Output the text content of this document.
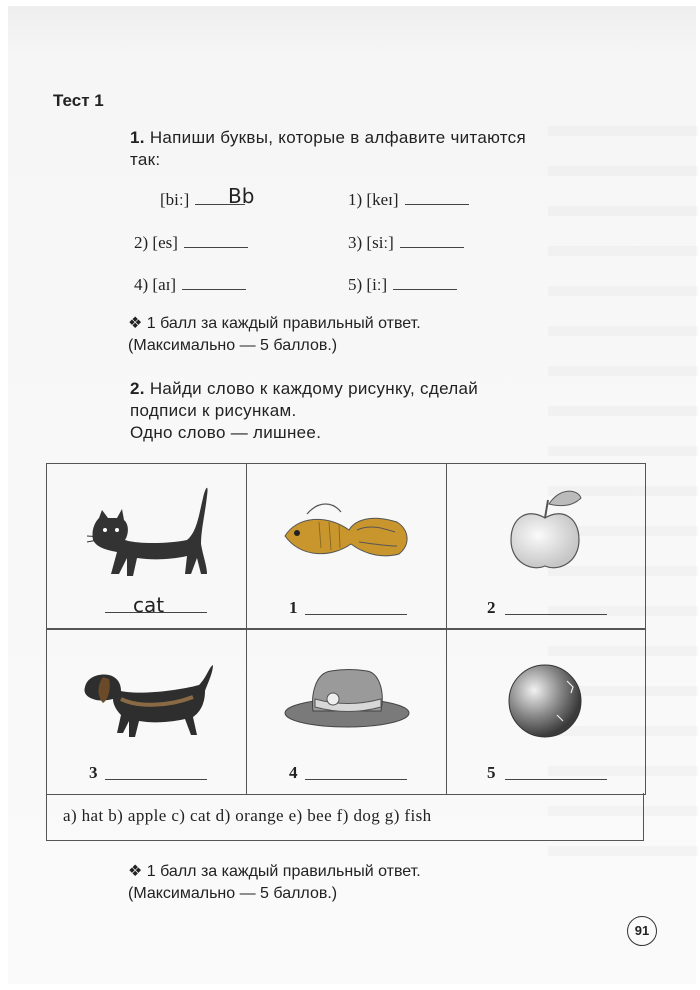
Тест 1
1. Напиши буквы, которые в алфавите читаются
так:
[biː]	Bb	1) [keɪ]
2) [es]	3) [siː]
4) [aɪ]	5) [iː]
❖ 1 балл за каждый правильный ответ.
(Максимально — 5 баллов.)
2. Найди слово к каждому рисунку, сделай
подписи к рисункам.
Одно слово — лишнее.
cat	1	2
3	4	5
a) hat b) apple c) cat d) orange e) bee f) dog g) fish
❖ 1 балл за каждый правильный ответ.
(Максимально — 5 баллов.)
91
